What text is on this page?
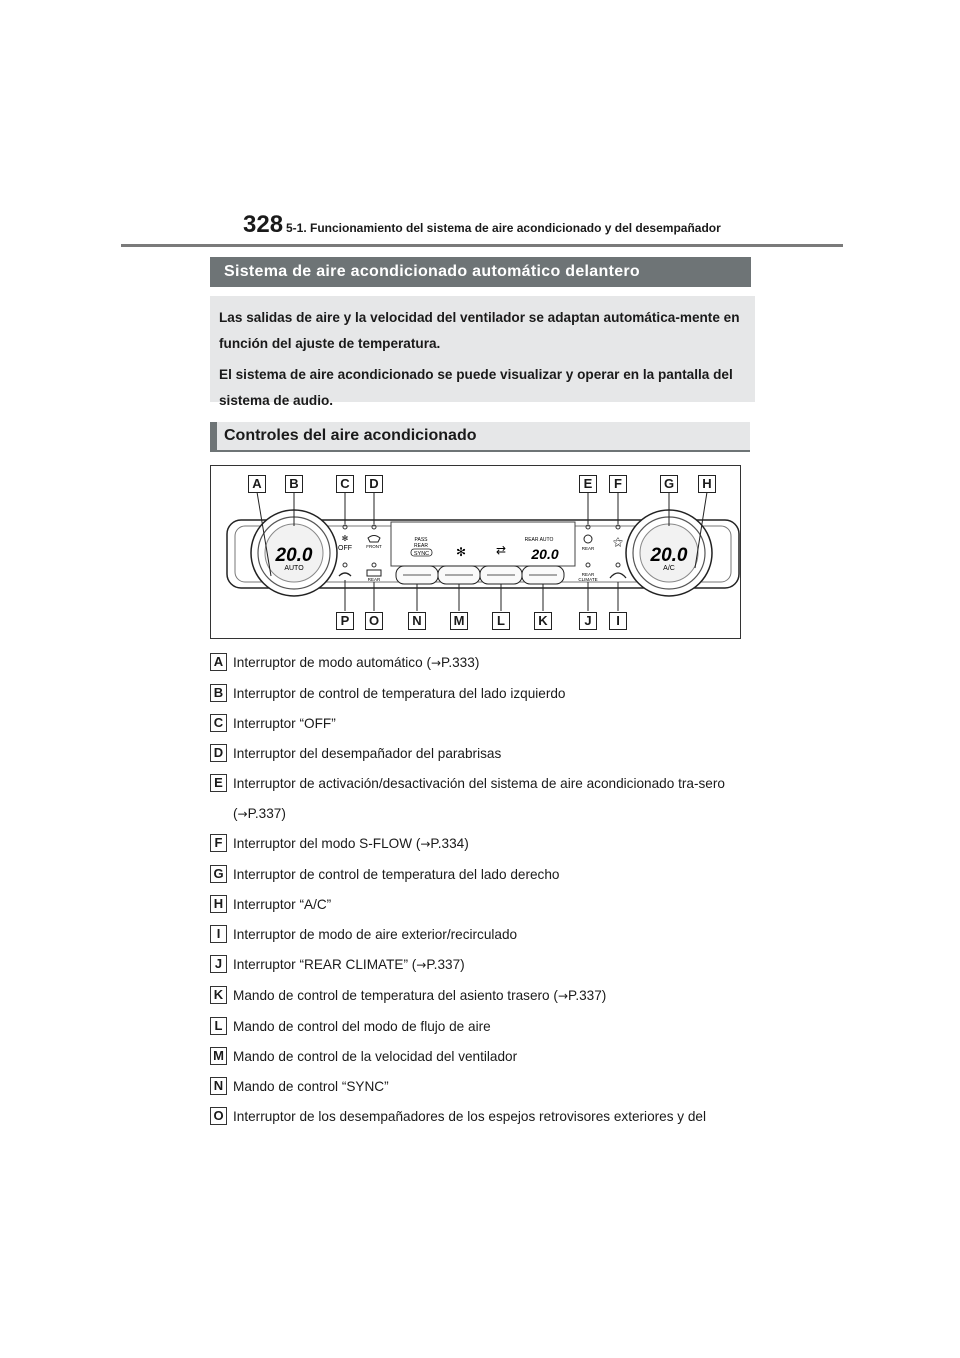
328 5-1. Funcionamiento del sistema de aire acondicionado y del desempañador
Sistema de aire acondicionado automático delantero

Las salidas de aire y la velocidad del ventilador se adaptan automática-mente en función del ajuste de temperatura.

El sistema de aire acondicionado se puede visualizar y operar en la pantalla del sistema de audio.

Controles del aire acondicionado
20.0
AUTO
20.0
A/C
✻
OFF	FRONT
REAR
PASS
REAR
SYNC ✻ ⇄
REAR AUTO
20.0	REAR
REAR
CLIMATE
⚝
A	B	C	D	E	F	G	H
P	O	N	M	L	K	J	I
A Interruptor de modo automático (→P.333)
B Interruptor de control de temperatura del lado izquierdo
C Interruptor “OFF”
D Interruptor del desempañador del parabrisas
E Interruptor de activación/desactivación del sistema de aire acondicionado tra-sero (→P.337)
F Interruptor del modo S-FLOW (→P.334)
G Interruptor de control de temperatura del lado derecho
H Interruptor “A/C”
I Interruptor de modo de aire exterior/recirculado
J Interruptor “REAR CLIMATE” (→P.337)
K Mando de control de temperatura del asiento trasero (→P.337)
L Mando de control del modo de flujo de aire
M Mando de control de la velocidad del ventilador
N Mando de control “SYNC”
O Interruptor de los desempañadores de los espejos retrovisores exteriores y del
